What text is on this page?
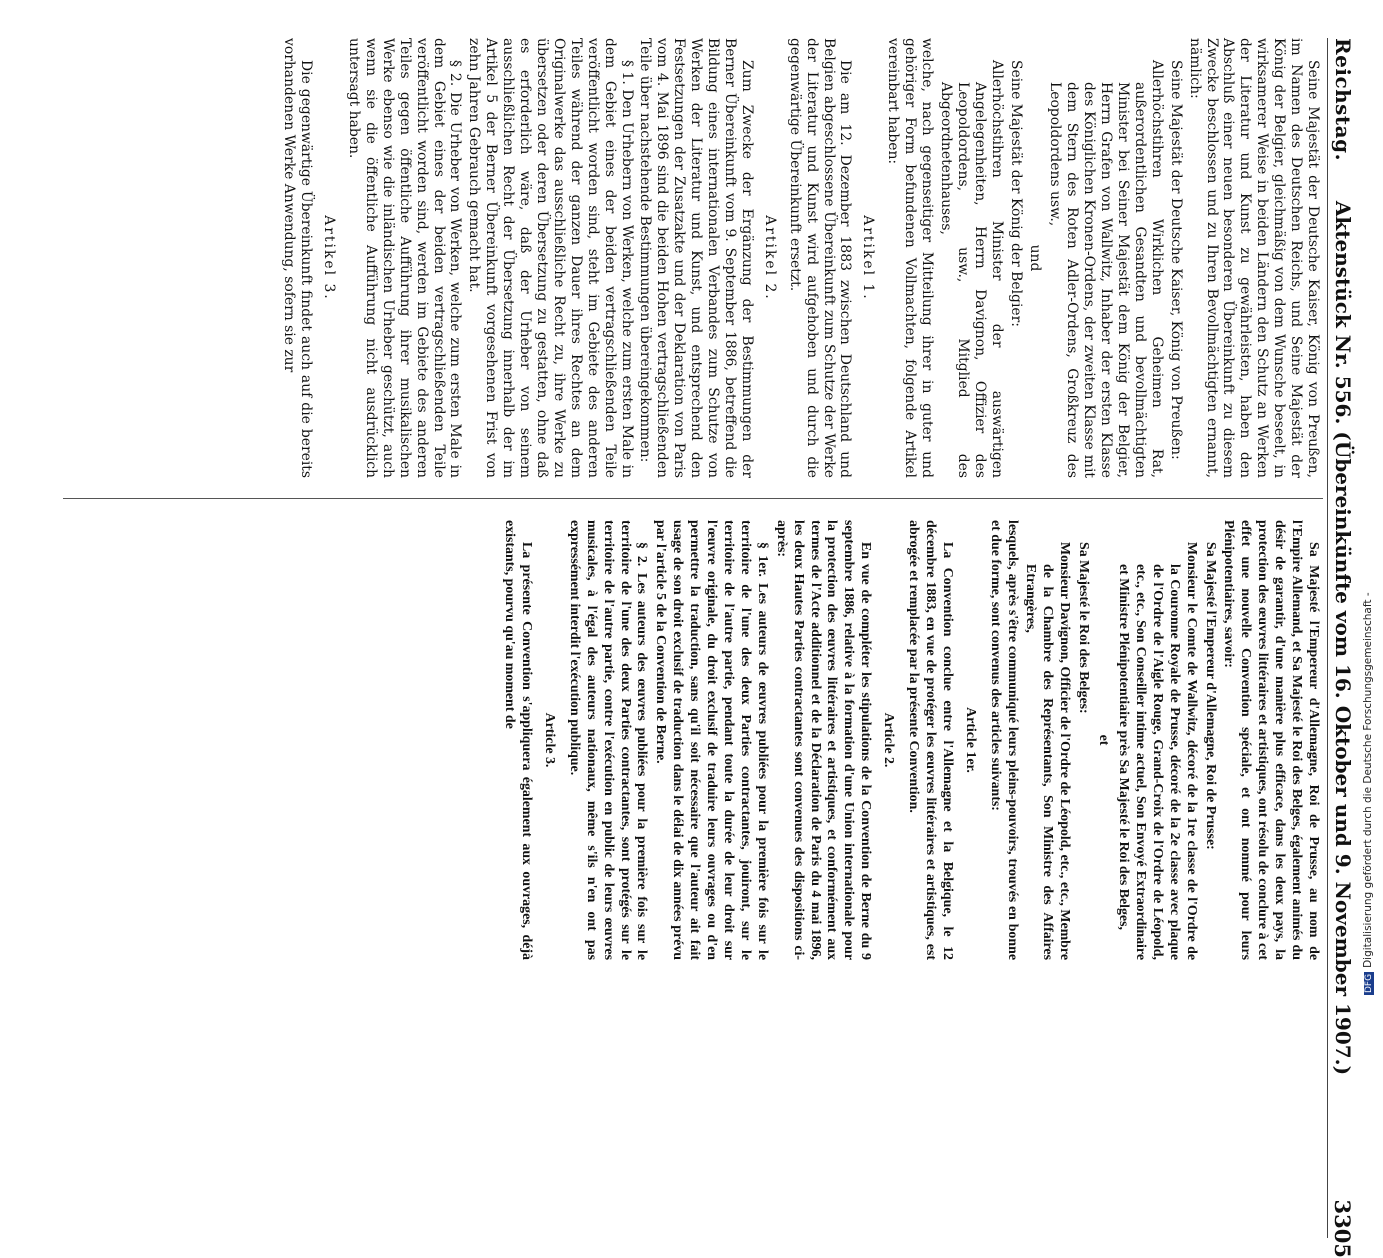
Reichstag.
Aktenstück Nr. 556. (Übereinkünfte vom 16. Oktober und 9. November 1907.)
3305

Seine Majestät der Deutsche Kaiser, König von Preußen, im Namen des Deutschen Reichs, und Seine Majestät der König der Belgier, gleichmäßig von dem Wunsche beseelt, in wirksamerer Weise in beiden Ländern den Schutz an Werken der Literatur und Kunst zu gewährleisten, haben den Abschluß einer neuen besonderen Übereinkunft zu diesem Zwecke beschlossen und zu Ihren Bevollmächtigten ernannt, nämlich:

Seine Majestät der Deutsche Kaiser, König von Preußen:

Allerhöchstihren Wirklichen Geheimen Rat, außerordentlichen Gesandten und bevollmächtigten Minister bei Seiner Majestät dem König der Belgier, Herrn Grafen von Wallwitz, Inhaber der ersten Klasse des Königlichen Kronen-Ordens, der zweiten Klasse mit dem Stern des Roten Adler-Ordens, Großkreuz des Leopoldordens usw.,

und

Seine Majestät der König der Belgier:

Allerhöchstihren Minister der auswärtigen Angelegenheiten, Herrn Davignon, Offizier des Leopoldordens, usw., Mitglied des Abgeordnetenhauses,

welche, nach gegenseitiger Mitteilung ihrer in guter und gehöriger Form befundenen Vollmachten, folgende Artikel vereinbart haben:

Artikel 1.

Die am 12. Dezember 1883 zwischen Deutschland und Belgien abgeschlossene Übereinkunft zum Schutze der Werke der Literatur und Kunst wird aufgehoben und durch die gegenwärtige Übereinkunft ersetzt.

Artikel 2.

Zum Zwecke der Ergänzung der Bestimmungen der Berner Übereinkunft vom 9. September 1886, betreffend die Bildung eines internationalen Verbandes zum Schutze von Werken der Literatur und Kunst, und entsprechend den Festsetzungen der Zusatzakte und der Deklaration von Paris vom 4. Mai 1896 sind die beiden Hohen vertragschließenden Teile über nachstehende Bestimmungen übereingekommen:

§ 1. Den Urhebern von Werken, welche zum ersten Male in dem Gebiet eines der beiden vertragschließenden Teile veröffentlicht worden sind, steht im Gebiete des anderen Teiles während der ganzen Dauer ihres Rechtes an dem Originalwerke das ausschließliche Recht zu, ihre Werke zu übersetzen oder deren Übersetzung zu gestatten, ohne daß es erforderlich wäre, daß der Urheber von seinem ausschließlichen Recht der Übersetzung innerhalb der im Artikel 5 der Berner Übereinkunft vorgesehenen Frist von zehn Jahren Gebrauch gemacht hat.

§ 2. Die Urheber von Werken, welche zum ersten Male in dem Gebiet eines der beiden vertragschließenden Teile veröffentlicht worden sind, werden im Gebiete des anderen Teiles gegen öffentliche Aufführung ihrer musikalischen Werke ebenso wie die inländischen Urheber geschützt, auch wenn sie die öffentliche Aufführung nicht ausdrücklich untersagt haben.

Artikel 3.

Die gegenwärtige Übereinkunft findet auch auf die bereits vorhandenen Werke Anwendung, sofern sie zur

Sa Majesté l'Empereur d'Allemagne, Roi de Prusse, au nom de l'Empire Allemand, et Sa Majesté le Roi des Belges, également animés du désir de garantir, d'une manière plus efficace, dans les deux pays, la protection des œuvres littéraires et artistiques, ont résolu de conclure à cet effet une nouvelle Convention spéciale, et ont nommé pour leurs Plénipotentiaires, savoir:

Sa Majesté l'Empereur d'Allemagne, Roi de Prusse:

Monsieur le Comte de Wallwitz, décoré de la 1re classe de l'Ordre de la Couronne Royale de Prusse, décoré de la 2e classe avec plaque de l'Ordre de l'Aigle Rouge, Grand-Croix de l'Ordre de Léopold, etc., etc., Son Conseiller intime actuel, Son Envoyé Extraordinaire et Ministre Plénipotentiaire près Sa Majesté le Roi des Belges,

et

Sa Majesté le Roi des Belges:

Monsieur Davignon, Officier de l'Ordre de Léopold, etc., etc., Membre de la Chambre des Représentants, Son Ministre des Affaires Etrangères,

lesquels, après s'être communiqué leurs pleins-pouvoirs, trouvés en bonne et due forme, sont convenus des articles suivants:

Article 1er.

La Convention conclue entre l'Allemagne et la Belgique, le 12 décembre 1883, en vue de protéger les œuvres littéraires et artistiques, est abrogée et remplacée par la présente Convention.

Article 2.

En vue de compléter les stipulations de la Convention de Berne du 9 septembre 1886, relative à la formation d'une Union internationale pour la protection des œuvres littéraires et artistiques, et conformément aux termes de l'Acte additionnel et de la Déclaration de Paris du 4 mai 1896, les deux Hautes Parties contractantes sont convenues des dispositions ci-après:

§ 1er. Les auteurs de œuvres publiées pour la première fois sur le territoire de l'une des deux Parties contractantes, jouiront, sur le territoire de l'autre partie, pendant toute la durée de leur droit sur l'œuvre originale, du droit exclusif de traduire leurs ouvrages ou d'en permettre la traduction, sans qu'il soit nécessaire que l'auteur ait fait usage de son droit exclusif de traduction dans le délai de dix années prévu par l'article 5 de la Convention de Berne.

§ 2. Les auteurs des œuvres publiées pour la première fois sur le territoire de l'une des deux Parties contractantes, sont protégés sur le territoire de l'autre partie, contre l'exécution en public de leurs œuvres musicales, à l'égal des auteurs nationaux, même s'ils n'en ont pas expressément interdit l'exécution publique.

Article 3.

La présente Convention s'appliquera également aux ouvrages, déjà existants, pourvu qu'au moment de

DFGDigitalisierung gefördert durch die Deutsche Forschungsgemeinschaft -
